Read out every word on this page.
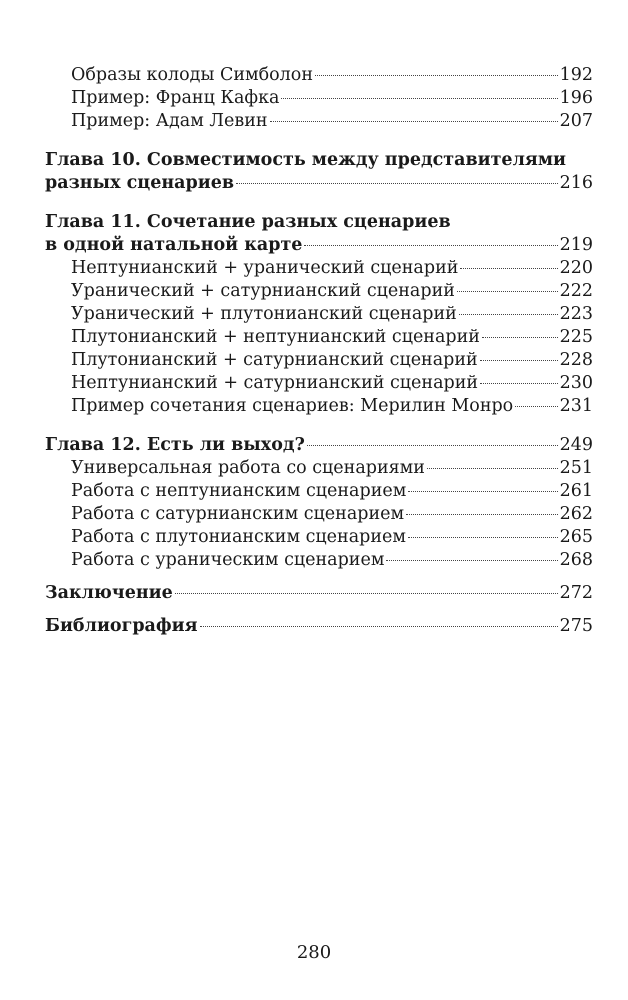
Образы колоды Симболон	192
Пример: Франц Кафка	196
Пример: Адам Левин	207
Глава 10. Совместимость между представителями
разных сценариев	216
Глава 11. Сочетание разных сценариев
в одной натальной карте	219
Нептунианский + уранический сценарий	220
Уранический + сатурнианский сценарий	222
Уранический + плутонианский сценарий	223
Плутонианский + нептунианский сценарий	225
Плутонианский + сатурнианский сценарий	228
Нептунианский + сатурнианский сценарий	230
Пример сочетания сценариев: Мерилин Монро	231
Глава 12. Есть ли выход?	249
Универсальная работа со сценариями	251
Работа с нептунианским сценарием	261
Работа с сатурнианским сценарием	262
Работа с плутонианским сценарием	265
Работа с ураническим сценарием	268
Заключение	272
Библиография	275
280
